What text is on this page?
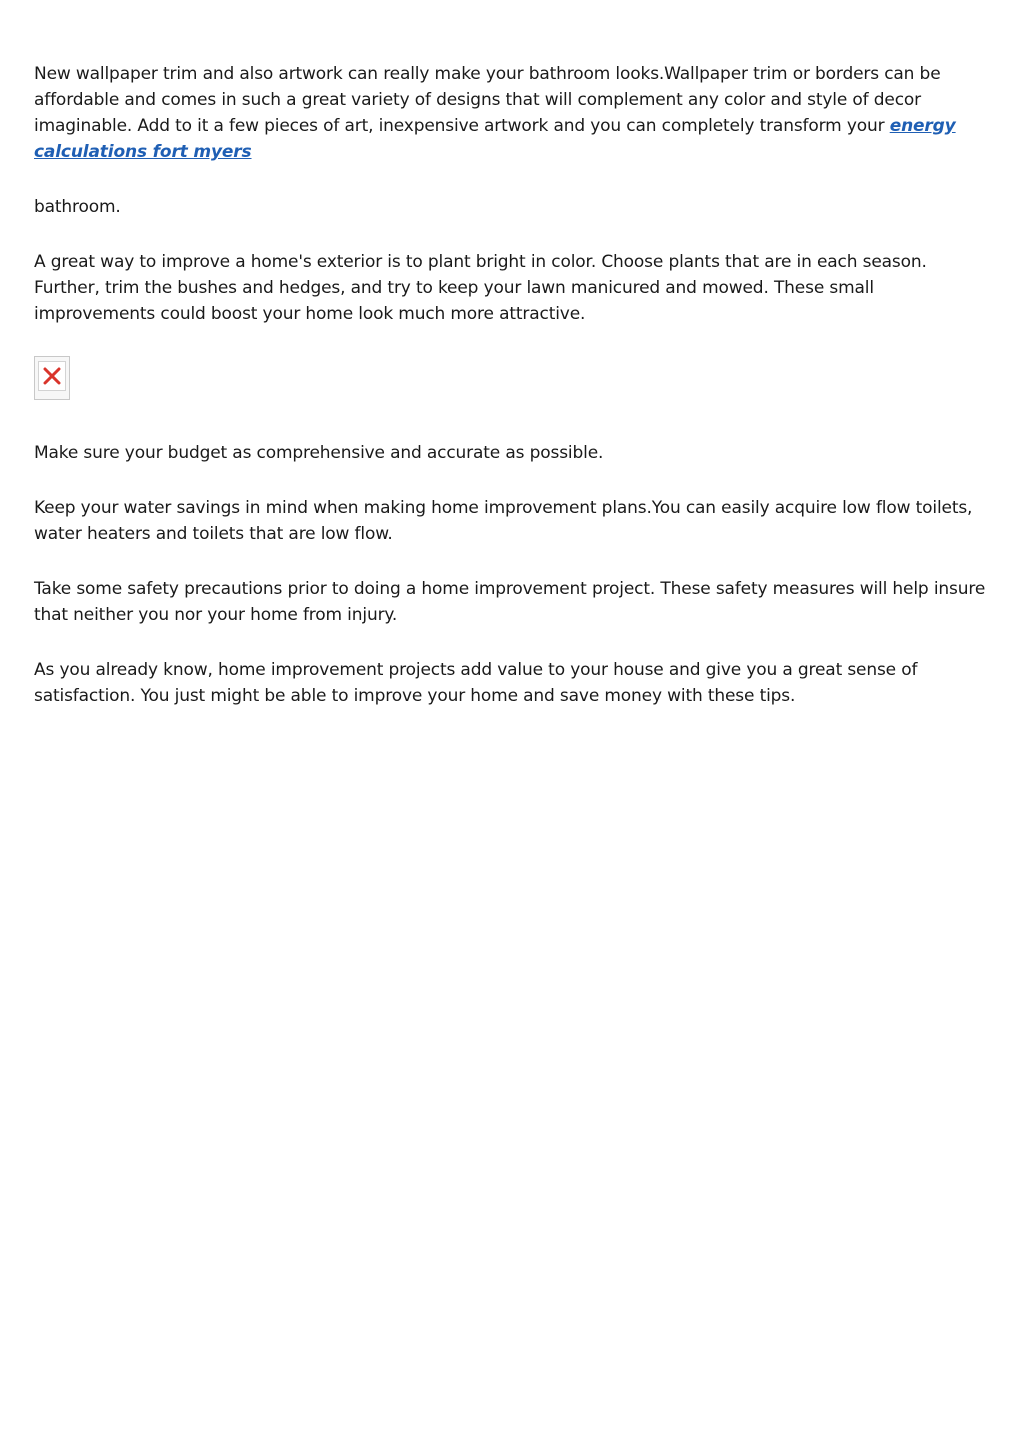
New wallpaper trim and also artwork can really make your bathroom looks.Wallpaper trim or borders can be affordable and comes in such a great variety of designs that will complement any color and style of decor imaginable. Add to it a few pieces of art, inexpensive artwork and you can completely transform your energy calculations fort myers

bathroom.

A great way to improve a home's exterior is to plant bright in color. Choose plants that are in each season. Further, trim the bushes and hedges, and try to keep your lawn manicured and mowed. These small improvements could boost your home look much more attractive.

Make sure your budget as comprehensive and accurate as possible.

Keep your water savings in mind when making home improvement plans.You can easily acquire low flow toilets, water heaters and toilets that are low flow.

Take some safety precautions prior to doing a home improvement project. These safety measures will help insure that neither you nor your home from injury.

As you already know, home improvement projects add value to your house and give you a great sense of satisfaction. You just might be able to improve your home and save money with these tips.
